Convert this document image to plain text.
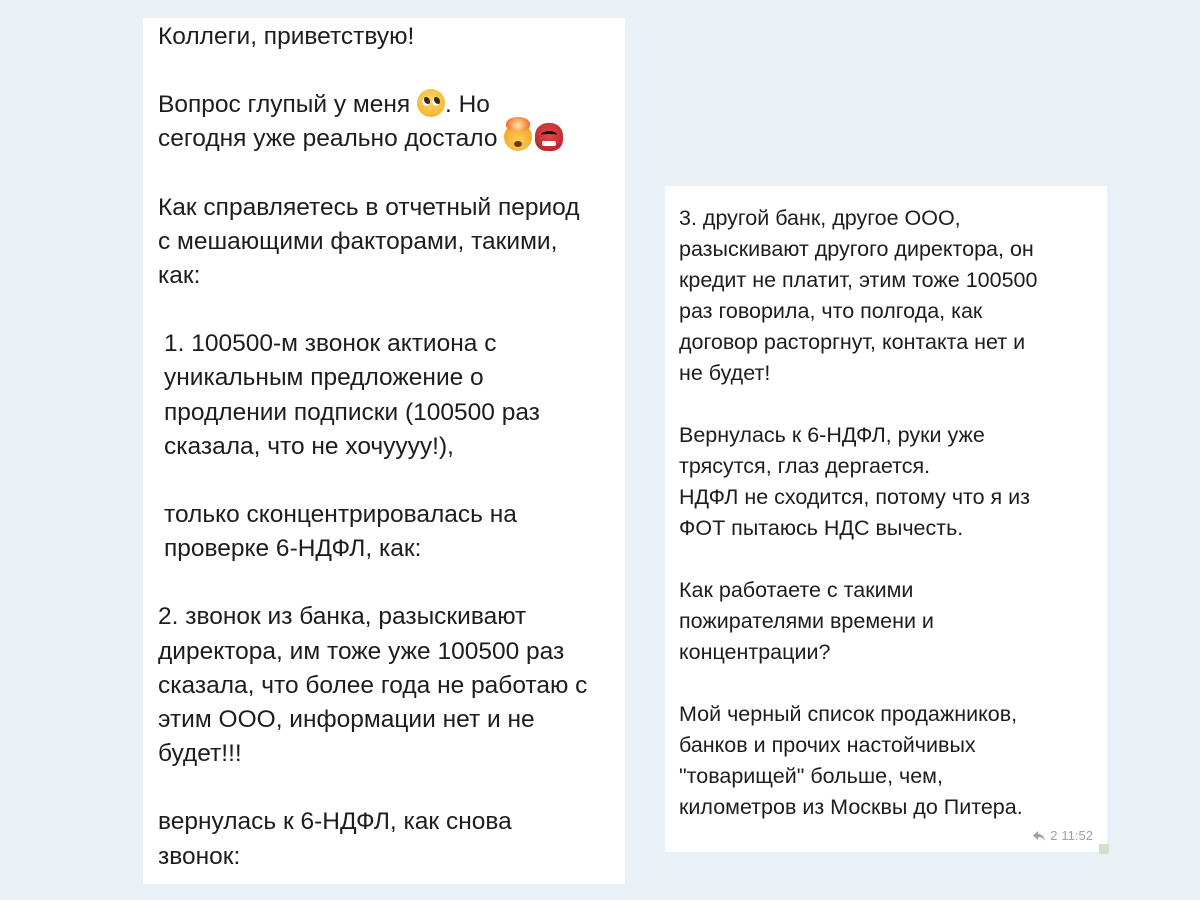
Коллеги, приветствую!

Вопрос глупый у меня . Но
сегодня уже реально достало

Как справляетесь в отчетный период
с мешающими факторами, такими,
как:

1. 100500-м звонок актиона с
уникальным предложение о
продлении подписки (100500 раз
сказала, что не хочуууу!),

только сконцентрировалась на
проверке 6-НДФЛ, как:

2. звонок из банка, разыскивают
директора, им тоже уже 100500 раз
сказала, что более года не работаю с
этим ООО, информации нет и не
будет!!!

вернулась к 6-НДФЛ, как снова
звонок:

3. другой банк, другое ООО,
разыскивают другого директора, он
кредит не платит, этим тоже 100500
раз говорила, что полгода, как
договор расторгнут, контакта нет и
не будет!

Вернулась к 6-НДФЛ, руки уже
трясутся, глаз дергается.
НДФЛ не сходится, потому что я из
ФОТ пытаюсь НДС вычесть.

Как работаете с такими
пожирателями времени и
концентрации?

Мой черный список продажников,
банков и прочих настойчивых
"товарищей" больше, чем,
километров из Москвы до Питера.

2 11:52
